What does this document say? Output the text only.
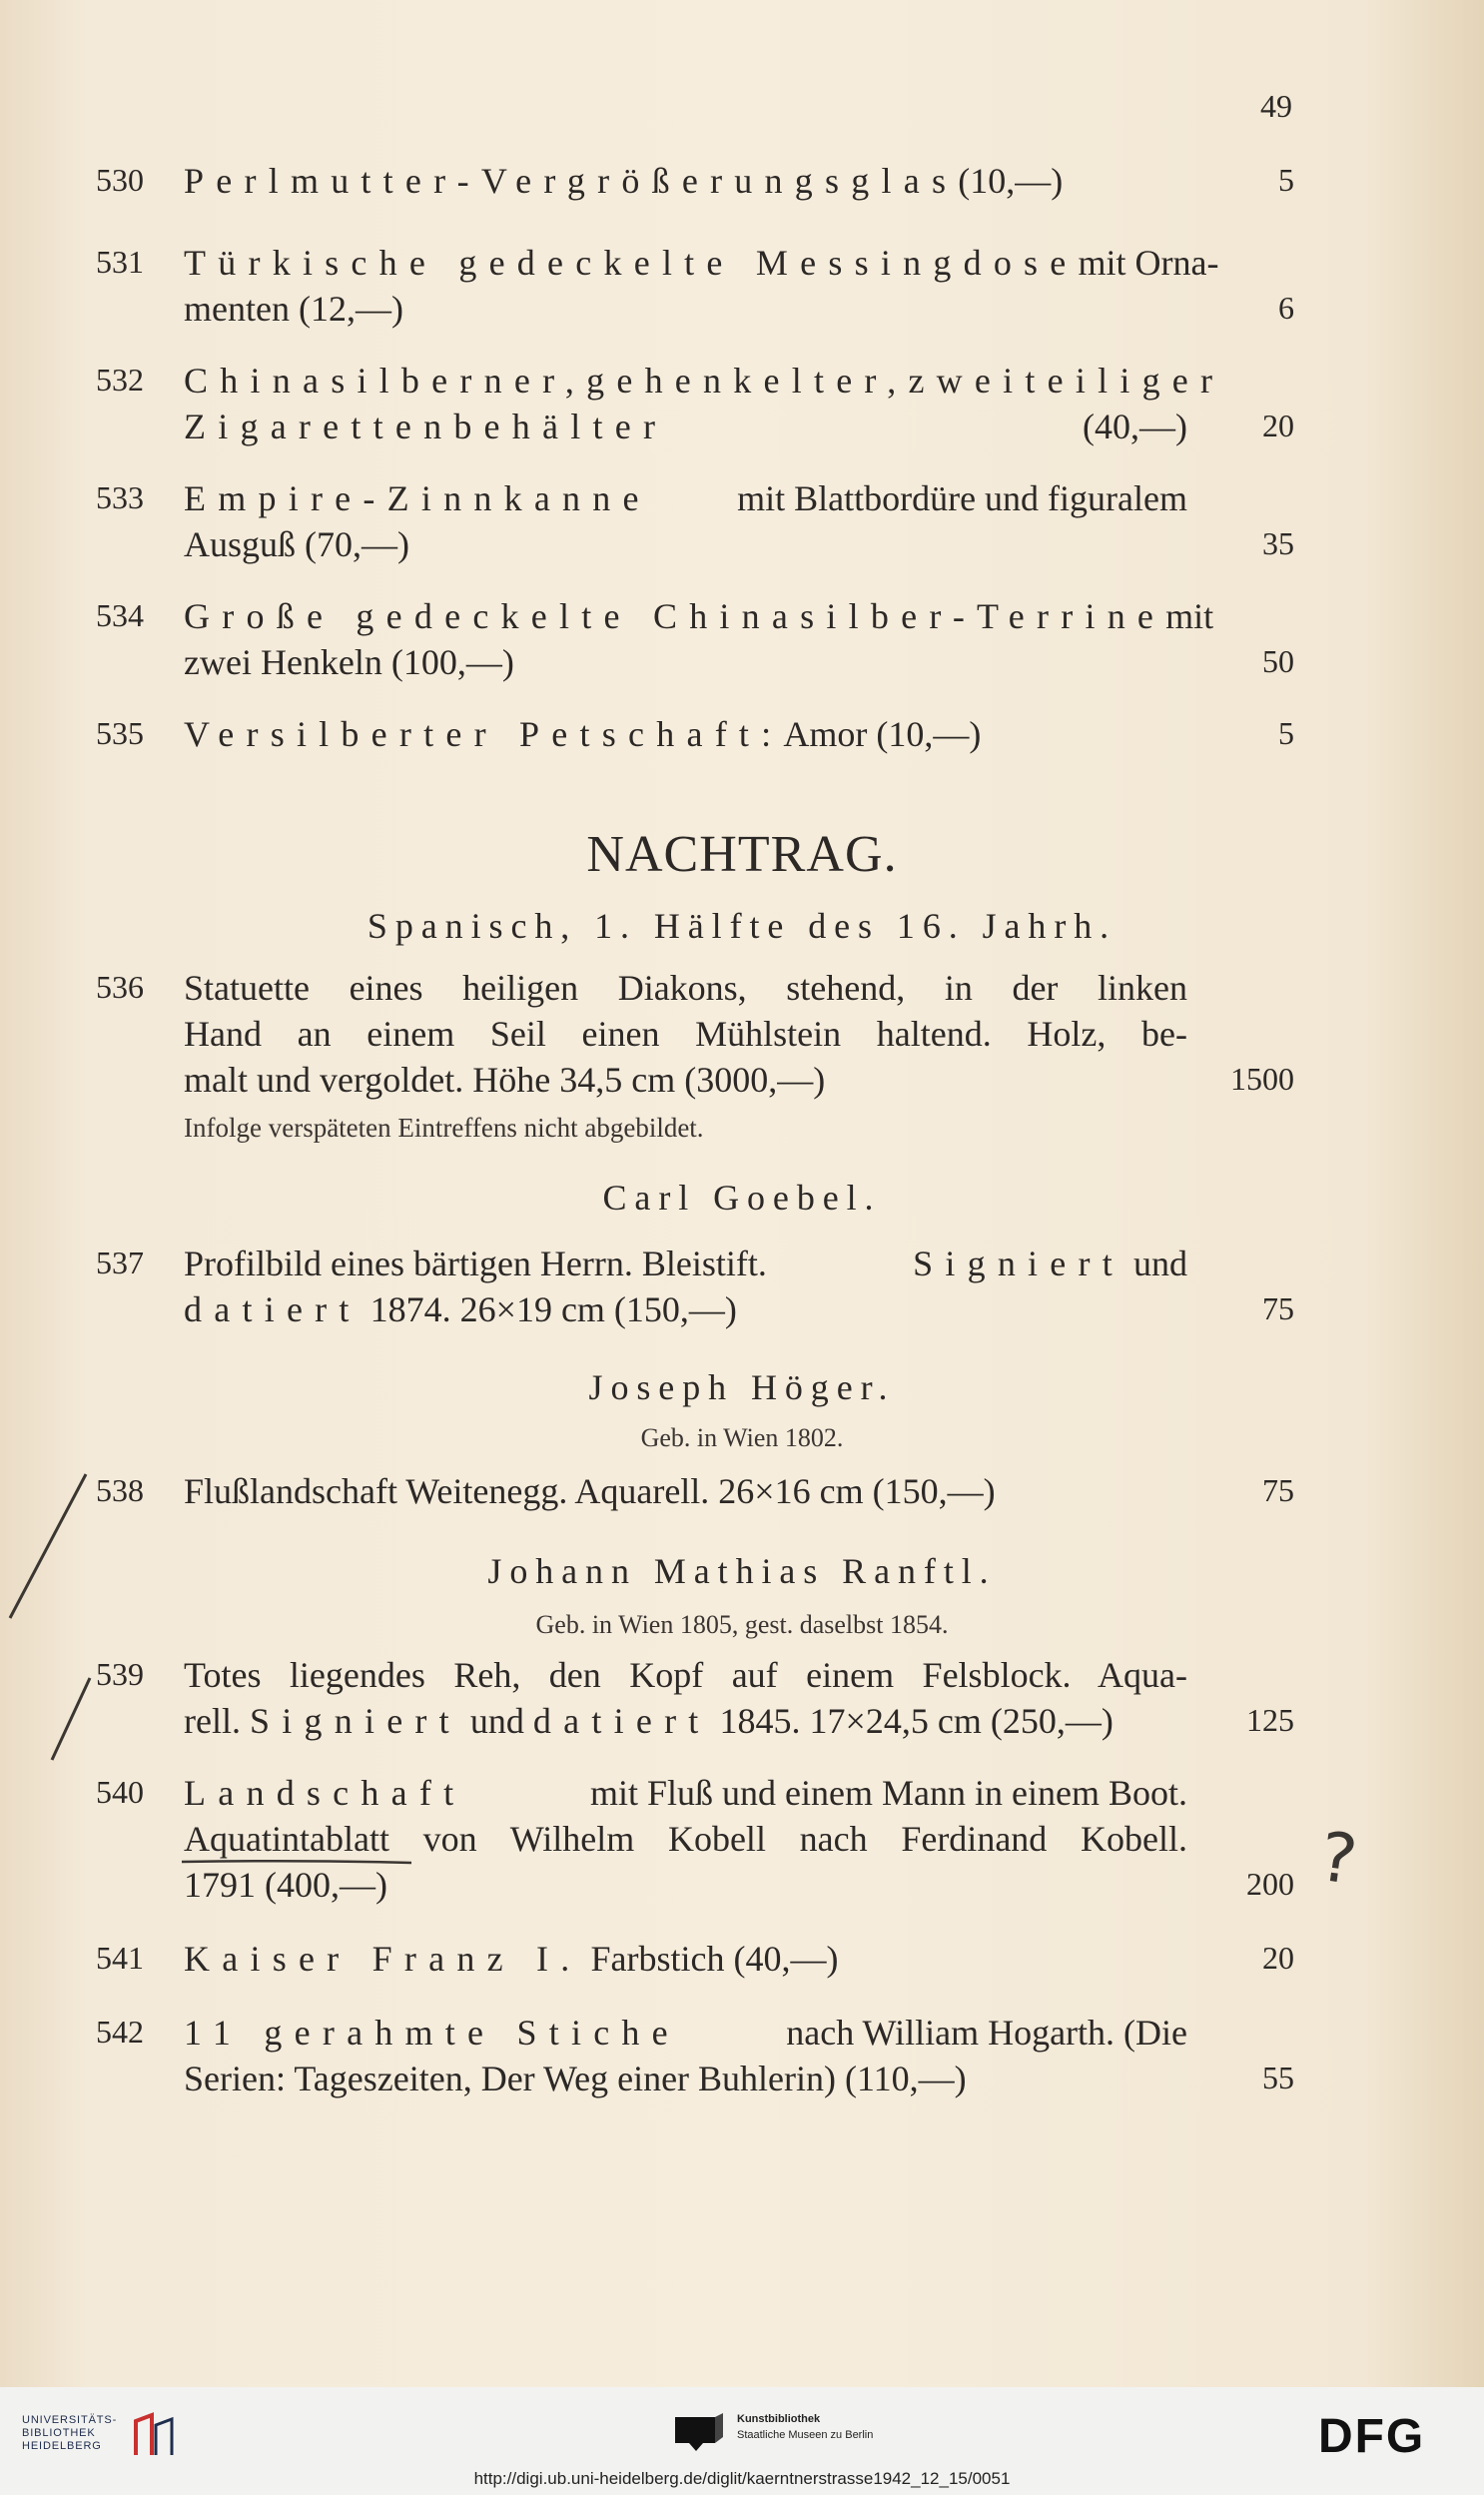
49
530	Perlmutter-Vergrößerungsglas (10,—)	5
531	Türkische gedeckelte Messingdose mit Orna-
menten (12,—)	6
532	Chinasilberner, gehenkelter, zweiteiliger
Zigarettenbehälter	(40,—) 20
533	Empire-Zinnkanne mit Blattbordüre und figuralem
Ausguß (70,—)	35
534	Große gedeckelte Chinasilber-Terrine mit
zwei Henkeln (100,—)	50
535	Versilberter Petschaft: Amor (10,—)	5
NACHTRAG.
Spanisch, 1. Hälfte des 16. Jahrh.
536	Statuette eines heiligen Diakons, stehend, in der linken
Hand an einem Seil einen Mühlstein haltend. Holz, be-
malt und vergoldet. Höhe 34,5 cm (3000,—)	1500
Infolge verspäteten Eintreffens nicht abgebildet.
Carl Goebel.
537	Profilbild eines bärtigen Herrn. Bleistift.	Signiert und
datiert 1874. 26×19 cm (150,—)	75
Joseph Höger.
Geb. in Wien 1802.
538	Flußlandschaft Weitenegg. Aquarell. 26×16 cm (150,—)	75
Johann Mathias Ranftl.
Geb. in Wien 1805, gest. daselbst 1854.
539	Totes liegendes Reh, den Kopf auf einem Felsblock. Aqua-
rell. Signiert und datiert 1845. 17×24,5 cm (250,—)	125
540	Landschaft	mit Fluß und einem Mann in einem Boot.
Aquatintablatt von Wilhelm Kobell nach Ferdinand Kobell.
1791 (400,—)	200
541	Kaiser Franz I. Farbstich (40,—)	20
542	11 gerahmte Stiche	nach William Hogarth. (Die
Serien: Tageszeiten, Der Weg einer Buhlerin) (110,—)	55
?
UNIVERSITÄTS-
BIBLIOTHEK
HEIDELBERG
Kunstbibliothek
Staatliche Museen zu Berlin	DFG
http://digi.ub.uni-heidelberg.de/diglit/kaerntnerstrasse1942_12_15/0051
